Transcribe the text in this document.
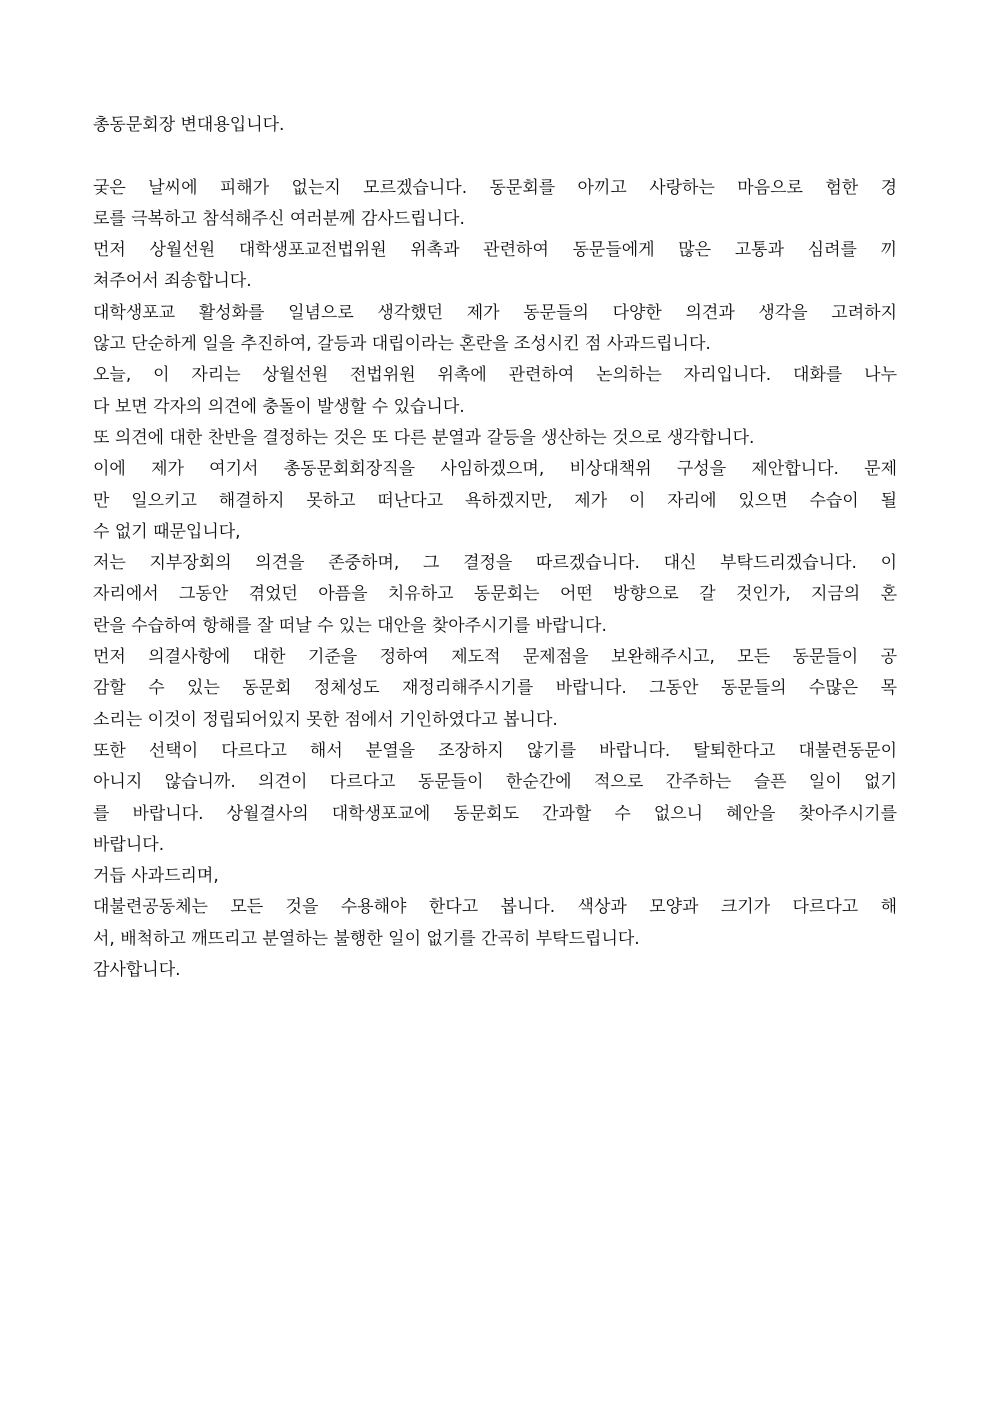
총동문회장 변대용입니다.
궂은 날씨에 피해가 없는지 모르겠습니다. 동문회를 아끼고 사랑하는 마음으로 험한 경
로를 극복하고 참석해주신 여러분께 감사드립니다.
먼저 상월선원 대학생포교전법위원 위촉과 관련하여 동문들에게 많은 고통과 심려를 끼
쳐주어서 죄송합니다.
대학생포교 활성화를 일념으로 생각했던 제가 동문들의 다양한 의견과 생각을 고려하지
않고 단순하게 일을 추진하여, 갈등과 대립이라는 혼란을 조성시킨 점 사과드립니다.
오늘, 이 자리는 상월선원 전법위원 위촉에 관련하여 논의하는 자리입니다. 대화를 나누
다 보면 각자의 의견에 충돌이 발생할 수 있습니다.
또 의견에 대한 찬반을 결정하는 것은 또 다른 분열과 갈등을 생산하는 것으로 생각합니다.
이에 제가 여기서 총동문회회장직을 사임하겠으며, 비상대책위 구성을 제안합니다. 문제
만 일으키고 해결하지 못하고 떠난다고 욕하겠지만, 제가 이 자리에 있으면 수습이 될
수 없기 때문입니다,
저는 지부장회의 의견을 존중하며, 그 결정을 따르겠습니다. 대신 부탁드리겠습니다. 이
자리에서 그동안 겪었던 아픔을 치유하고 동문회는 어떤 방향으로 갈 것인가, 지금의 혼
란을 수습하여 항해를 잘 떠날 수 있는 대안을 찾아주시기를 바랍니다.
먼저 의결사항에 대한 기준을 정하여 제도적 문제점을 보완해주시고, 모든 동문들이 공
감할 수 있는 동문회 정체성도 재정리해주시기를 바랍니다. 그동안 동문들의 수많은 목
소리는 이것이 정립되어있지 못한 점에서 기인하였다고 봅니다.
또한 선택이 다르다고 해서 분열을 조장하지 않기를 바랍니다. 탈퇴한다고 대불련동문이
아니지 않습니까. 의견이 다르다고 동문들이 한순간에 적으로 간주하는 슬픈 일이 없기
를 바랍니다. 상월결사의 대학생포교에 동문회도 간과할 수 없으니 혜안을 찾아주시기를
바랍니다.
거듭 사과드리며,
대불련공동체는 모든 것을 수용해야 한다고 봅니다. 색상과 모양과 크기가 다르다고 해
서, 배척하고 깨뜨리고 분열하는 불행한 일이 없기를 간곡히 부탁드립니다.
감사합니다.
